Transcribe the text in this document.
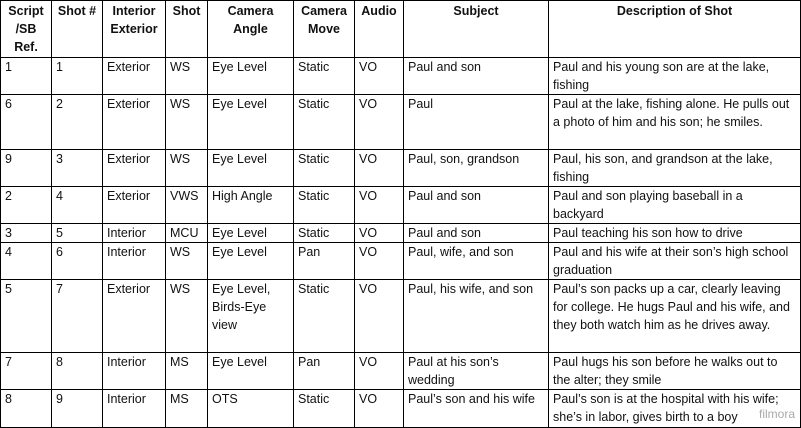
Script /SB Ref.	Shot #	Interior Exterior	Shot	Camera Angle	Camera Move	Audio	Subject	Description of Shot
1	1	Exterior	WS	Eye Level	Static	VO	Paul and son	Paul and his young son are at the lake, fishing
6	2	Exterior	WS	Eye Level	Static	VO	Paul	Paul at the lake, fishing alone. He pulls out a photo of him and his son; he smiles.
9	3	Exterior	WS	Eye Level	Static	VO	Paul, son, grandson	Paul, his son, and grandson at the lake, fishing
2	4	Exterior	VWS	High Angle	Static	VO	Paul and son	Paul and son playing baseball in a backyard
3	5	Interior	MCU	Eye Level	Static	VO	Paul and son	Paul teaching his son how to drive
4	6	Interior	WS	Eye Level	Pan	VO	Paul, wife, and son	Paul and his wife at their son’s high school graduation
5	7	Exterior	WS	Eye Level, Birds-Eye view	Static	VO	Paul, his wife, and son	Paul’s son packs up a car, clearly leaving for college. He hugs Paul and his wife, and they both watch him as he drives away.
7	8	Interior	MS	Eye Level	Pan	VO	Paul at his son’s wedding	Paul hugs his son before he walks out to the alter; they smile
8	9	Interior	MS	OTS	Static	VO	Paul’s son and his wife	Paul’s son is at the hospital with his wife; she’s in labor, gives birth to a boy filmora
